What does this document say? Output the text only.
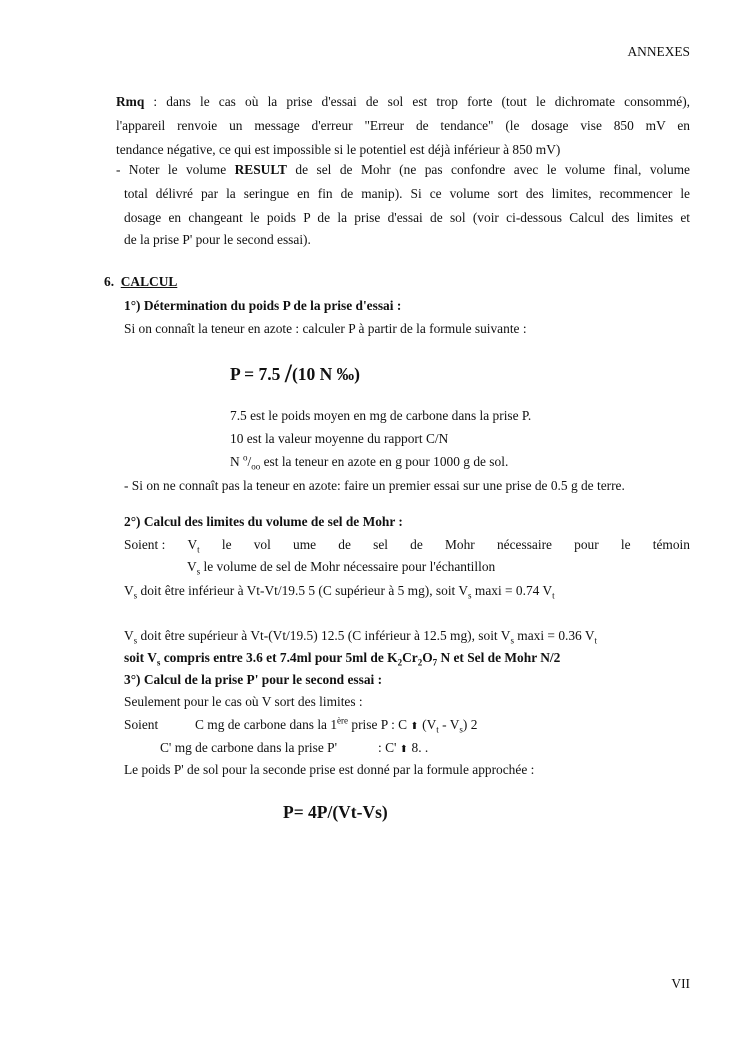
ANNEXES
Rmq : dans le cas où la prise d'essai de sol est trop forte (tout le dichromate consommé),
l'appareil renvoie un message d'erreur "Erreur de tendance" (le dosage vise 850 mV en
tendance négative, ce qui est impossible si le potentiel est déjà inférieur à 850 mV)
- Noter le volume RESULT de sel de Mohr (ne pas confondre avec le volume final, volume
total délivré par la seringue en fin de manip). Si ce volume sort des limites, recommencer le
dosage en changeant le poids P de la prise d'essai de sol (voir ci-dessous Calcul des limites et
de la prise P' pour le second essai).
6. CALCUL
1°) Détermination du poids P de la prise d'essai :
Si on connaît la teneur en azote : calculer P à partir de la formule suivante :
P = 7.5 /(10 N ‰)
7.5 est le poids moyen en mg de carbone dans la prise P.
10 est la valeur moyenne du rapport C/N
N $^o/_{oo}$ est la teneur en azote en g pour 1000 g de sol.
- Si on ne connaît pas la teneur en azote: faire un premier essai sur une prise de 0.5 g de terre.
2°) Calcul des limites du volume de sel de Mohr :
Soient : $V_t$ le vol ume de sel de Mohr nécessaire pour le témoin
$V_s$ le volume de sel de Mohr nécessaire pour l'échantillon
$V_s$ doit être inférieur à Vt-Vt/19.5 5 (C supérieur à 5 mg), soit $V_s$ maxi = 0.74 $V_t$
$V_s$ doit être supérieur à Vt-(Vt/19.5) 12.5 (C inférieur à 12.5 mg), soit $V_s$ maxi = 0.36 $V_t$
soit $V_s$ compris entre 3.6 et 7.4ml pour 5ml de $K_2Cr_2O_7$ N et Sel de Mohr N/2
3°) Calcul de la prise P' pour le second essai :
Seulement pour le cas où V sort des limites :
Soient	C mg de carbone dans la 1ère prise P : C ⬆ $(V_t - V_s)$ 2
C' mg de carbone dans la prise P'	: C' ⬆ 8. .
Le poids P' de sol pour la seconde prise est donné par la formule approchée :
P= 4P/(Vt-Vs)
VII
